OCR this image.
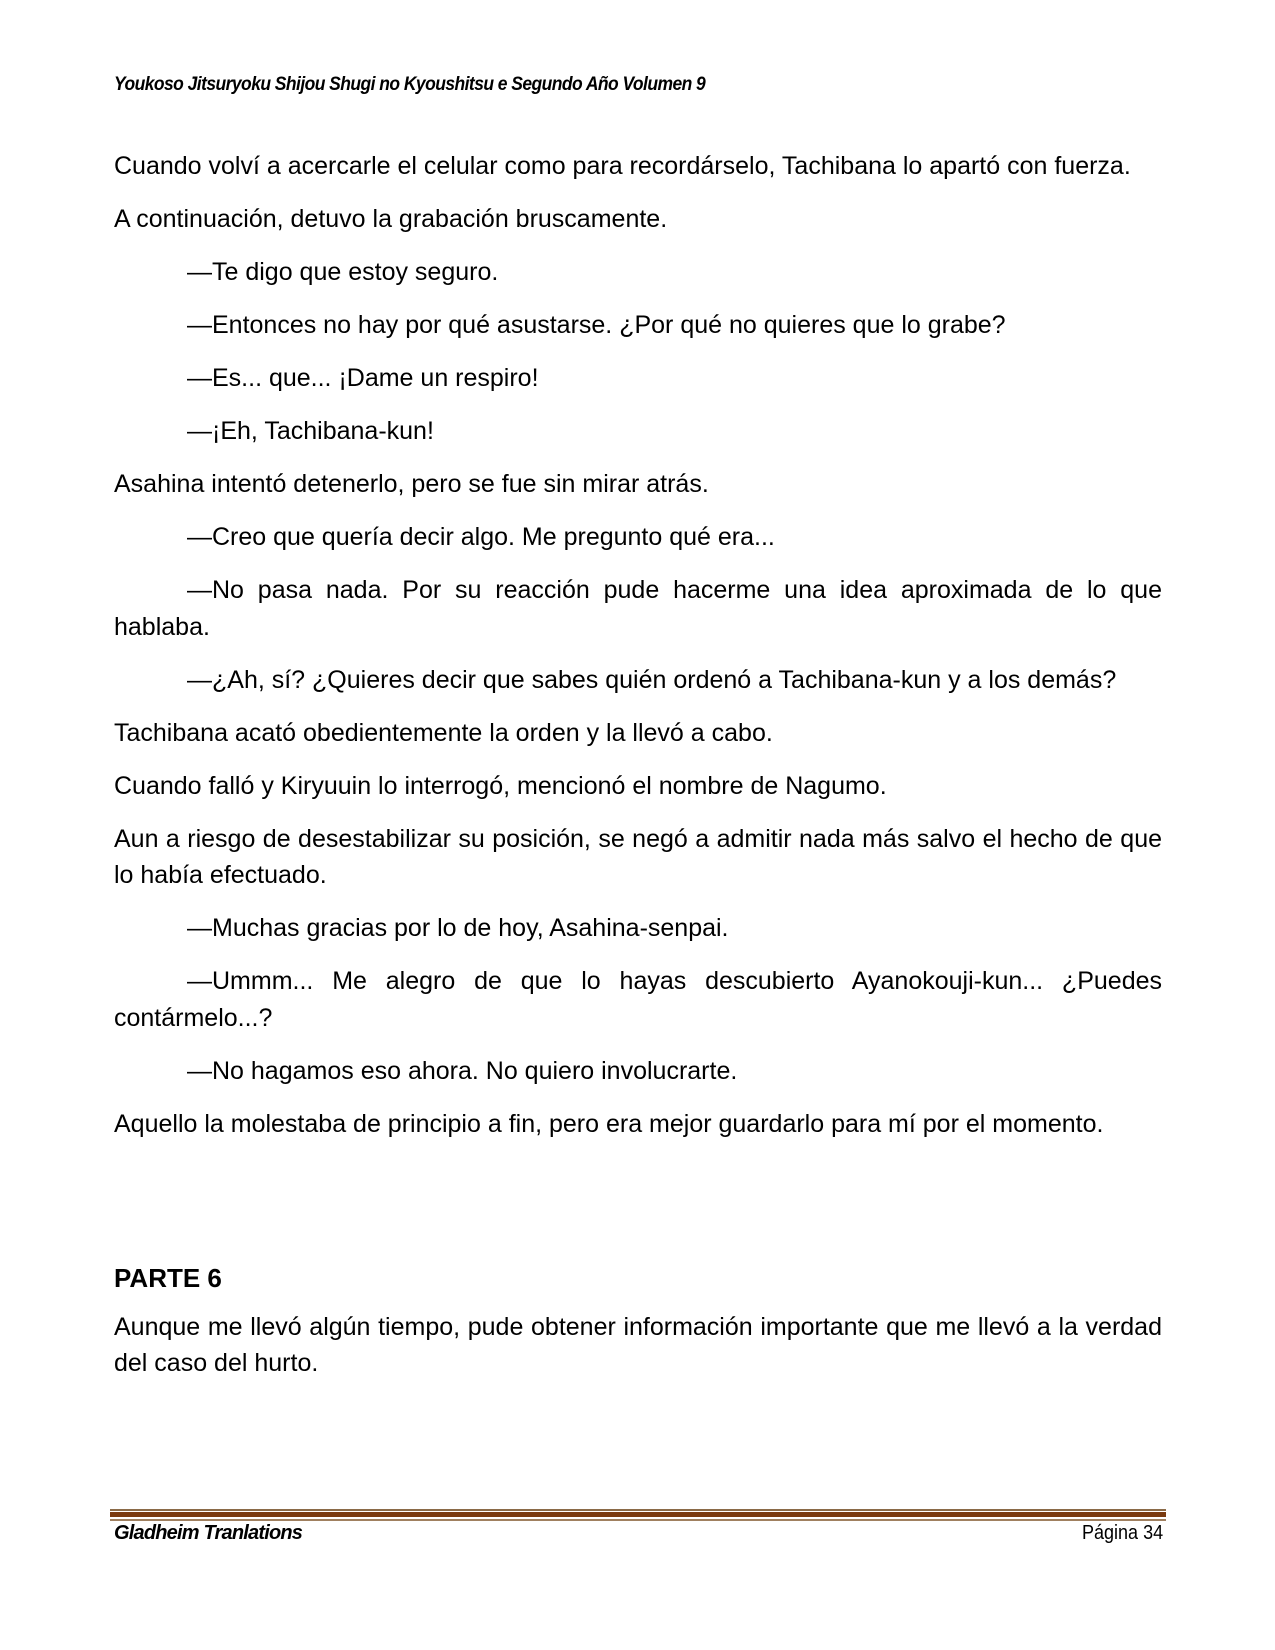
Youkoso Jitsuryoku Shijou Shugi no Kyoushitsu e Segundo Año Volumen 9

Cuando volví a acercarle el celular como para recordárselo, Tachibana lo apartó con fuerza.

A continuación, detuvo la grabación bruscamente.

—Te digo que estoy seguro.

—Entonces no hay por qué asustarse. ¿Por qué no quieres que lo grabe?

—Es... que... ¡Dame un respiro!

—¡Eh, Tachibana-kun!

Asahina intentó detenerlo, pero se fue sin mirar atrás.

—Creo que quería decir algo. Me pregunto qué era...

—No pasa nada. Por su reacción pude hacerme una idea aproximada de lo que hablaba.

—¿Ah, sí? ¿Quieres decir que sabes quién ordenó a Tachibana-kun y a los demás?

Tachibana acató obedientemente la orden y la llevó a cabo.

Cuando falló y Kiryuuin lo interrogó, mencionó el nombre de Nagumo.

Aun a riesgo de desestabilizar su posición, se negó a admitir nada más salvo el hecho de que lo había efectuado.

—Muchas gracias por lo de hoy, Asahina-senpai.

—Ummm... Me alegro de que lo hayas descubierto Ayanokouji-kun... ¿Puedes contármelo...?

—No hagamos eso ahora. No quiero involucrarte.

Aquello la molestaba de principio a fin, pero era mejor guardarlo para mí por el momento.

PARTE 6

Aunque me llevó algún tiempo, pude obtener información importante que me llevó a la verdad del caso del hurto.

Gladheim Tranlations	Página 34
